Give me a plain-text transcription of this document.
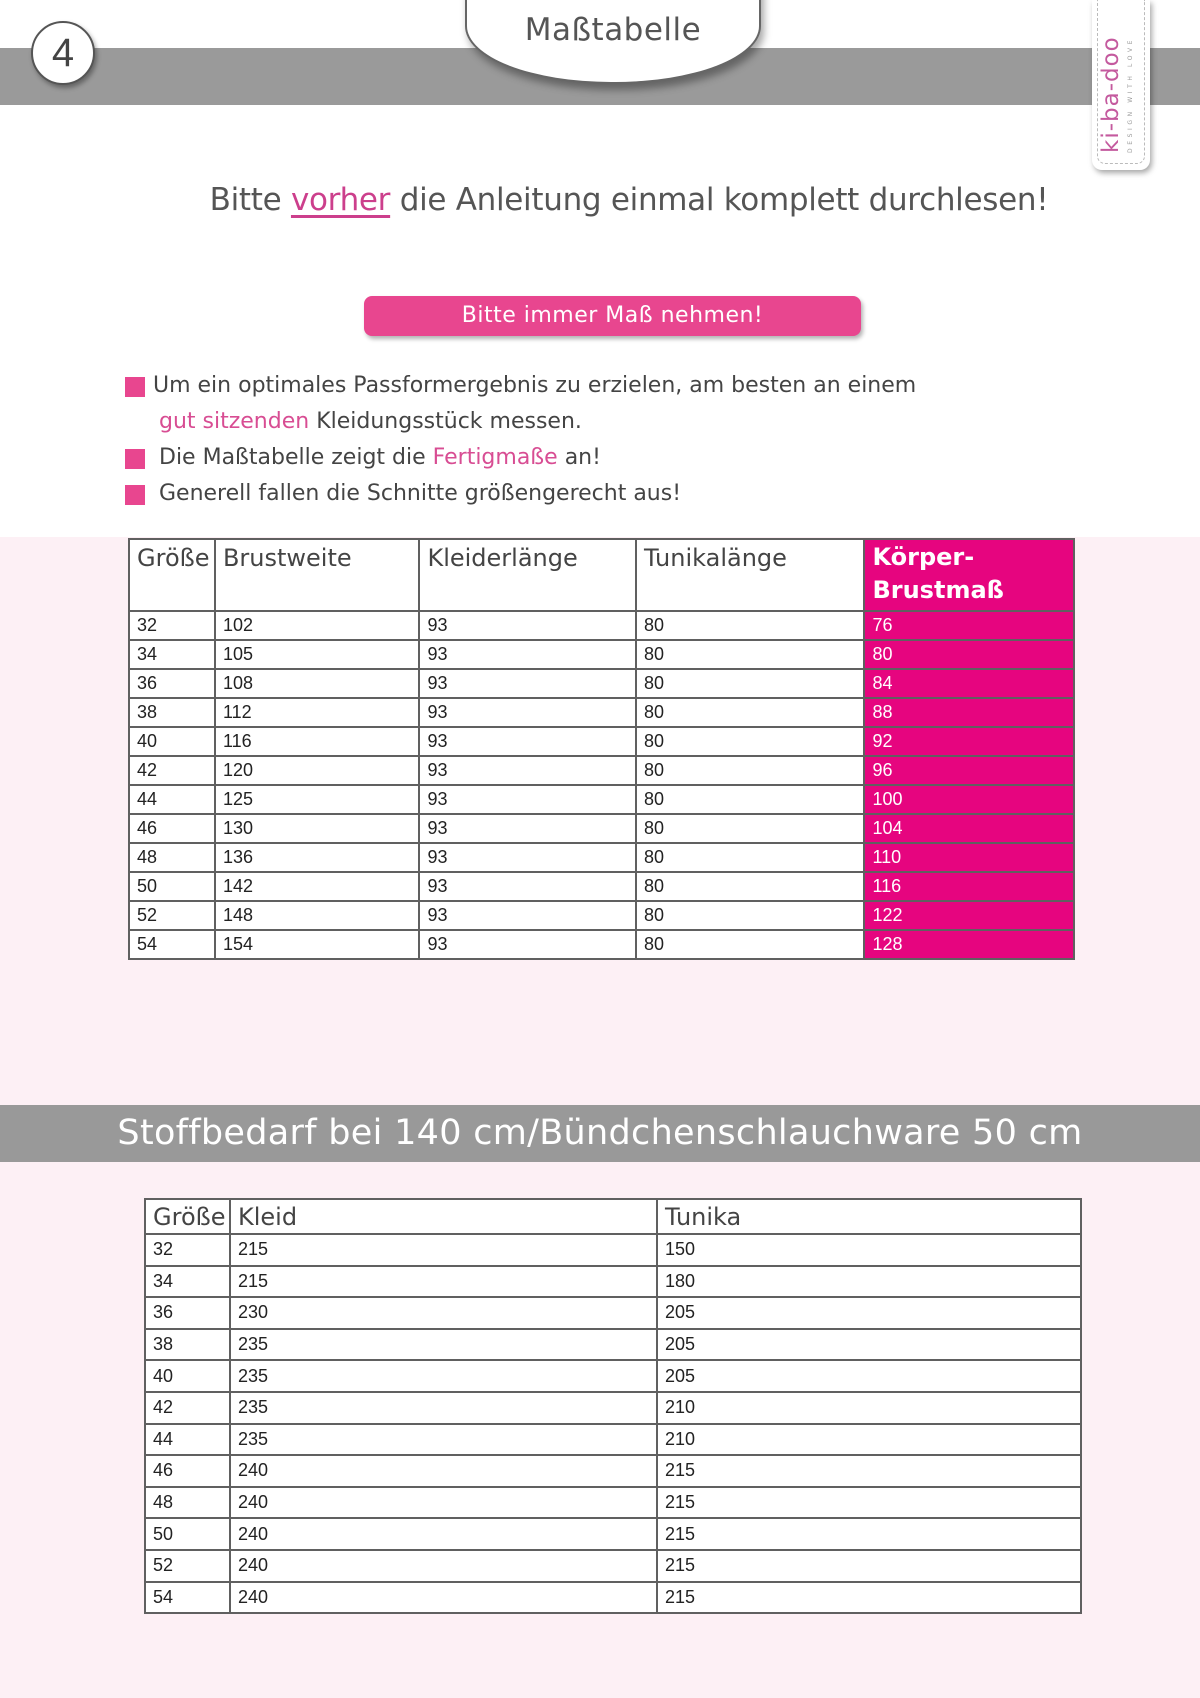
4
Maßtabelle
ki-ba-doo DESIGN WITH LOVE
Bitte vorher die Anleitung einmal komplett durchlesen!
Bitte immer Maß nehmen!
Um ein optimales Passformergebnis zu erzielen, am besten an einem
gut sitzenden Kleidungsstück messen.
Die Maßtabelle zeigt die Fertigmaße an!
Generell fallen die Schnitte größengerecht aus!
Größe	Brustweite	Kleiderlänge	Tunikalänge	Körper-
Brustmaß
32	102	93	80	76
34	105	93	80	80
36	108	93	80	84
38	112	93	80	88
40	116	93	80	92
42	120	93	80	96
44	125	93	80	100
46	130	93	80	104
48	136	93	80	110
50	142	93	80	116
52	148	93	80	122
54	154	93	80	128
Stoffbedarf bei 140 cm/Bündchenschlauchware 50 cm
Größe	Kleid	Tunika
32	215	150
34	215	180
36	230	205
38	235	205
40	235	205
42	235	210
44	235	210
46	240	215
48	240	215
50	240	215
52	240	215
54	240	215
